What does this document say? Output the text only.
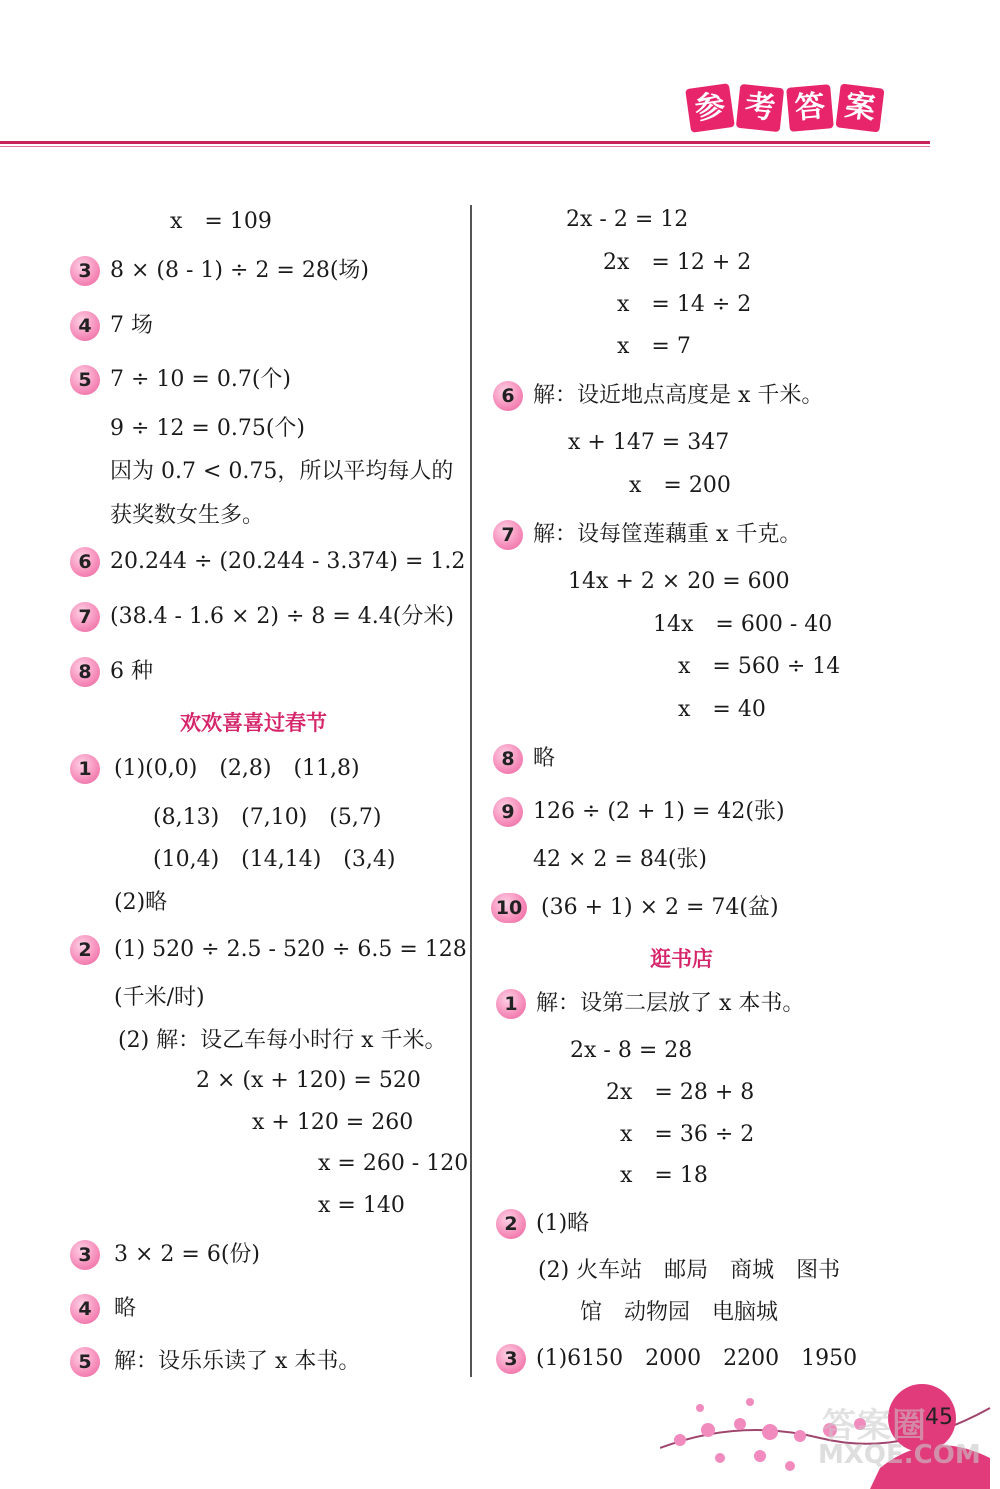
参 考 答 案
x　= 109
3 8 × (8 - 1) ÷ 2 = 28(场)
4 7 场
5 7 ÷ 10 = 0.7(个)
9 ÷ 12 = 0.75(个)
因为 0.7 < 0.75，所以平均每人的
获奖数女生多。
6 20.244 ÷ (20.244 - 3.374) = 1.2
7 (38.4 - 1.6 × 2) ÷ 8 = 4.4(分米)
8 6 种
欢欢喜喜过春节
1	(1)(0,0)　(2,8)　(11,8)
(8,13)　(7,10)　(5,7)
(10,4)　(14,14)　(3,4)
(2)略
2	(1) 520 ÷ 2.5 - 520 ÷ 6.5 = 128
(千米/时)
(2) 解：设乙车每小时行 x 千米。
2 × (x + 120) = 520
x + 120 = 260
x = 260 - 120
x = 140
3	3 × 2 = 6(份)
4	略
5	解：设乐乐读了 x 本书。
2x - 2 = 12
2x　= 12 + 2
x　= 14 ÷ 2
x　= 7
6 解：设近地点高度是 x 千米。
x + 147 = 347
x　= 200
7 解：设每筐莲藕重 x 千克。
14x + 2 × 20 = 600
14x　= 600 - 40
x　= 560 ÷ 14
x　= 40
8 略
9 126 ÷ (2 + 1) = 42(张)
42 × 2 = 84(张)
10 (36 + 1) × 2 = 74(盆)
逛书店
1 解：设第二层放了 x 本书。
2x - 8 = 28
2x　= 28 + 8
x　= 36 ÷ 2
x　= 18
2 (1)略
(2) 火车站　邮局　商城　图书
馆　动物园　电脑城
3 (1)6150　2000　2200　1950
答案圈
MXQE.COM
45
